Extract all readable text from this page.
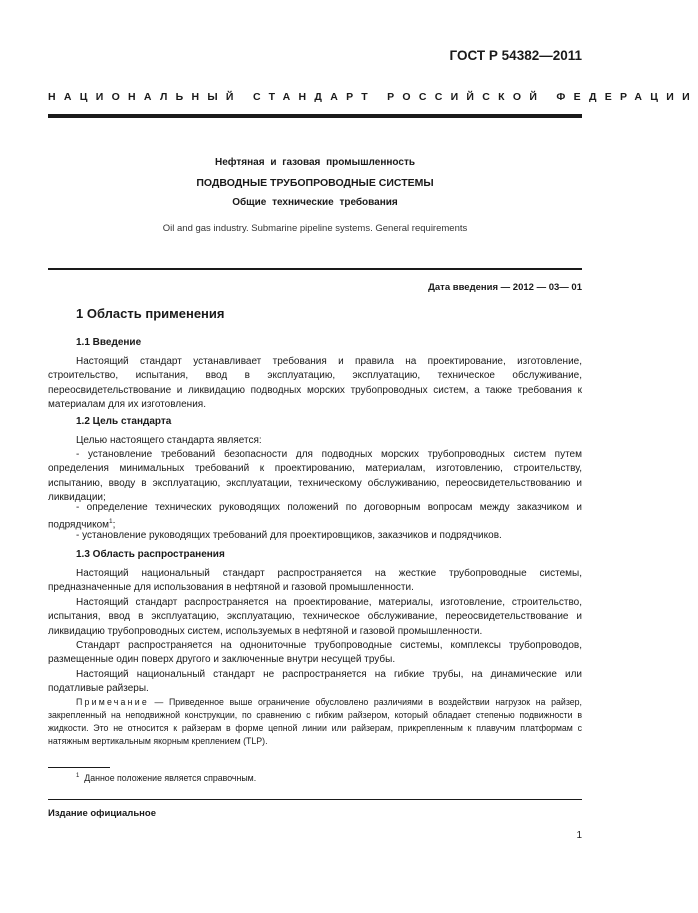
ГОСТ Р 54382—2011
НАЦИОНАЛЬНЫЙ СТАНДАРТ РОССИЙСКОЙ ФЕДЕРАЦИИ
Нефтяная и газовая промышленность
ПОДВОДНЫЕ ТРУБОПРОВОДНЫЕ СИСТЕМЫ
Общие технические требования
Oil and gas industry. Submarine pipeline systems. General requirements
Дата введения — 2012 — 03— 01
1 Область применения
1.1 Введение
Настоящий стандарт устанавливает требования и правила на проектирование, изготовление, строительство, испытания, ввод в эксплуатацию, эксплуатацию, техническое обслуживание, переосвидетельствование и ликвидацию подводных морских трубопроводных систем, а также требования к материалам для их изготовления.
1.2 Цель стандарта
Целью настоящего стандарта является:
- установление требований безопасности для подводных морских трубопроводных систем путем определения минимальных требований к проектированию, материалам, изготовлению, строительству, испытанию, вводу в эксплуатацию, эксплуатации, техническому обслуживанию, переосвидетельствованию и ликвидации;
- определение технических руководящих положений по договорным вопросам между заказчиком и подрядчиком$^1$;
- установление руководящих требований для проектировщиков, заказчиков и подрядчиков.
1.3 Область распространения
Настоящий национальный стандарт распространяется на жесткие трубопроводные системы, предназначенные для использования в нефтяной и газовой промышленности.
Настоящий стандарт распространяется на проектирование, материалы, изготовление, строительство, испытания, ввод в эксплуатацию, эксплуатацию, техническое обслуживание, переосвидетельствование и ликвидацию трубопроводных систем, используемых в нефтяной и газовой промышленности.
Стандарт распространяется на однониточные трубопроводные системы, комплексы трубопроводов, размещенные один поверх другого и заключенные внутри несущей трубы.
Настоящий национальный стандарт не распространяется на гибкие трубы, на динамические или податливые райзеры.
Примечание — Приведенное выше ограничение обусловлено различиями в воздействии нагрузок на райзер, закрепленный на неподвижной конструкции, по сравнению с гибким райзером, который обладает степенью подвижности в жидкости. Это не относится к райзерам в форме цепной линии или райзерам, прикрепленным к плавучим платформам с натяжным вертикальным якорным креплением (TLP).
$^1$ Данное положение является справочным.
Издание официальное
1
